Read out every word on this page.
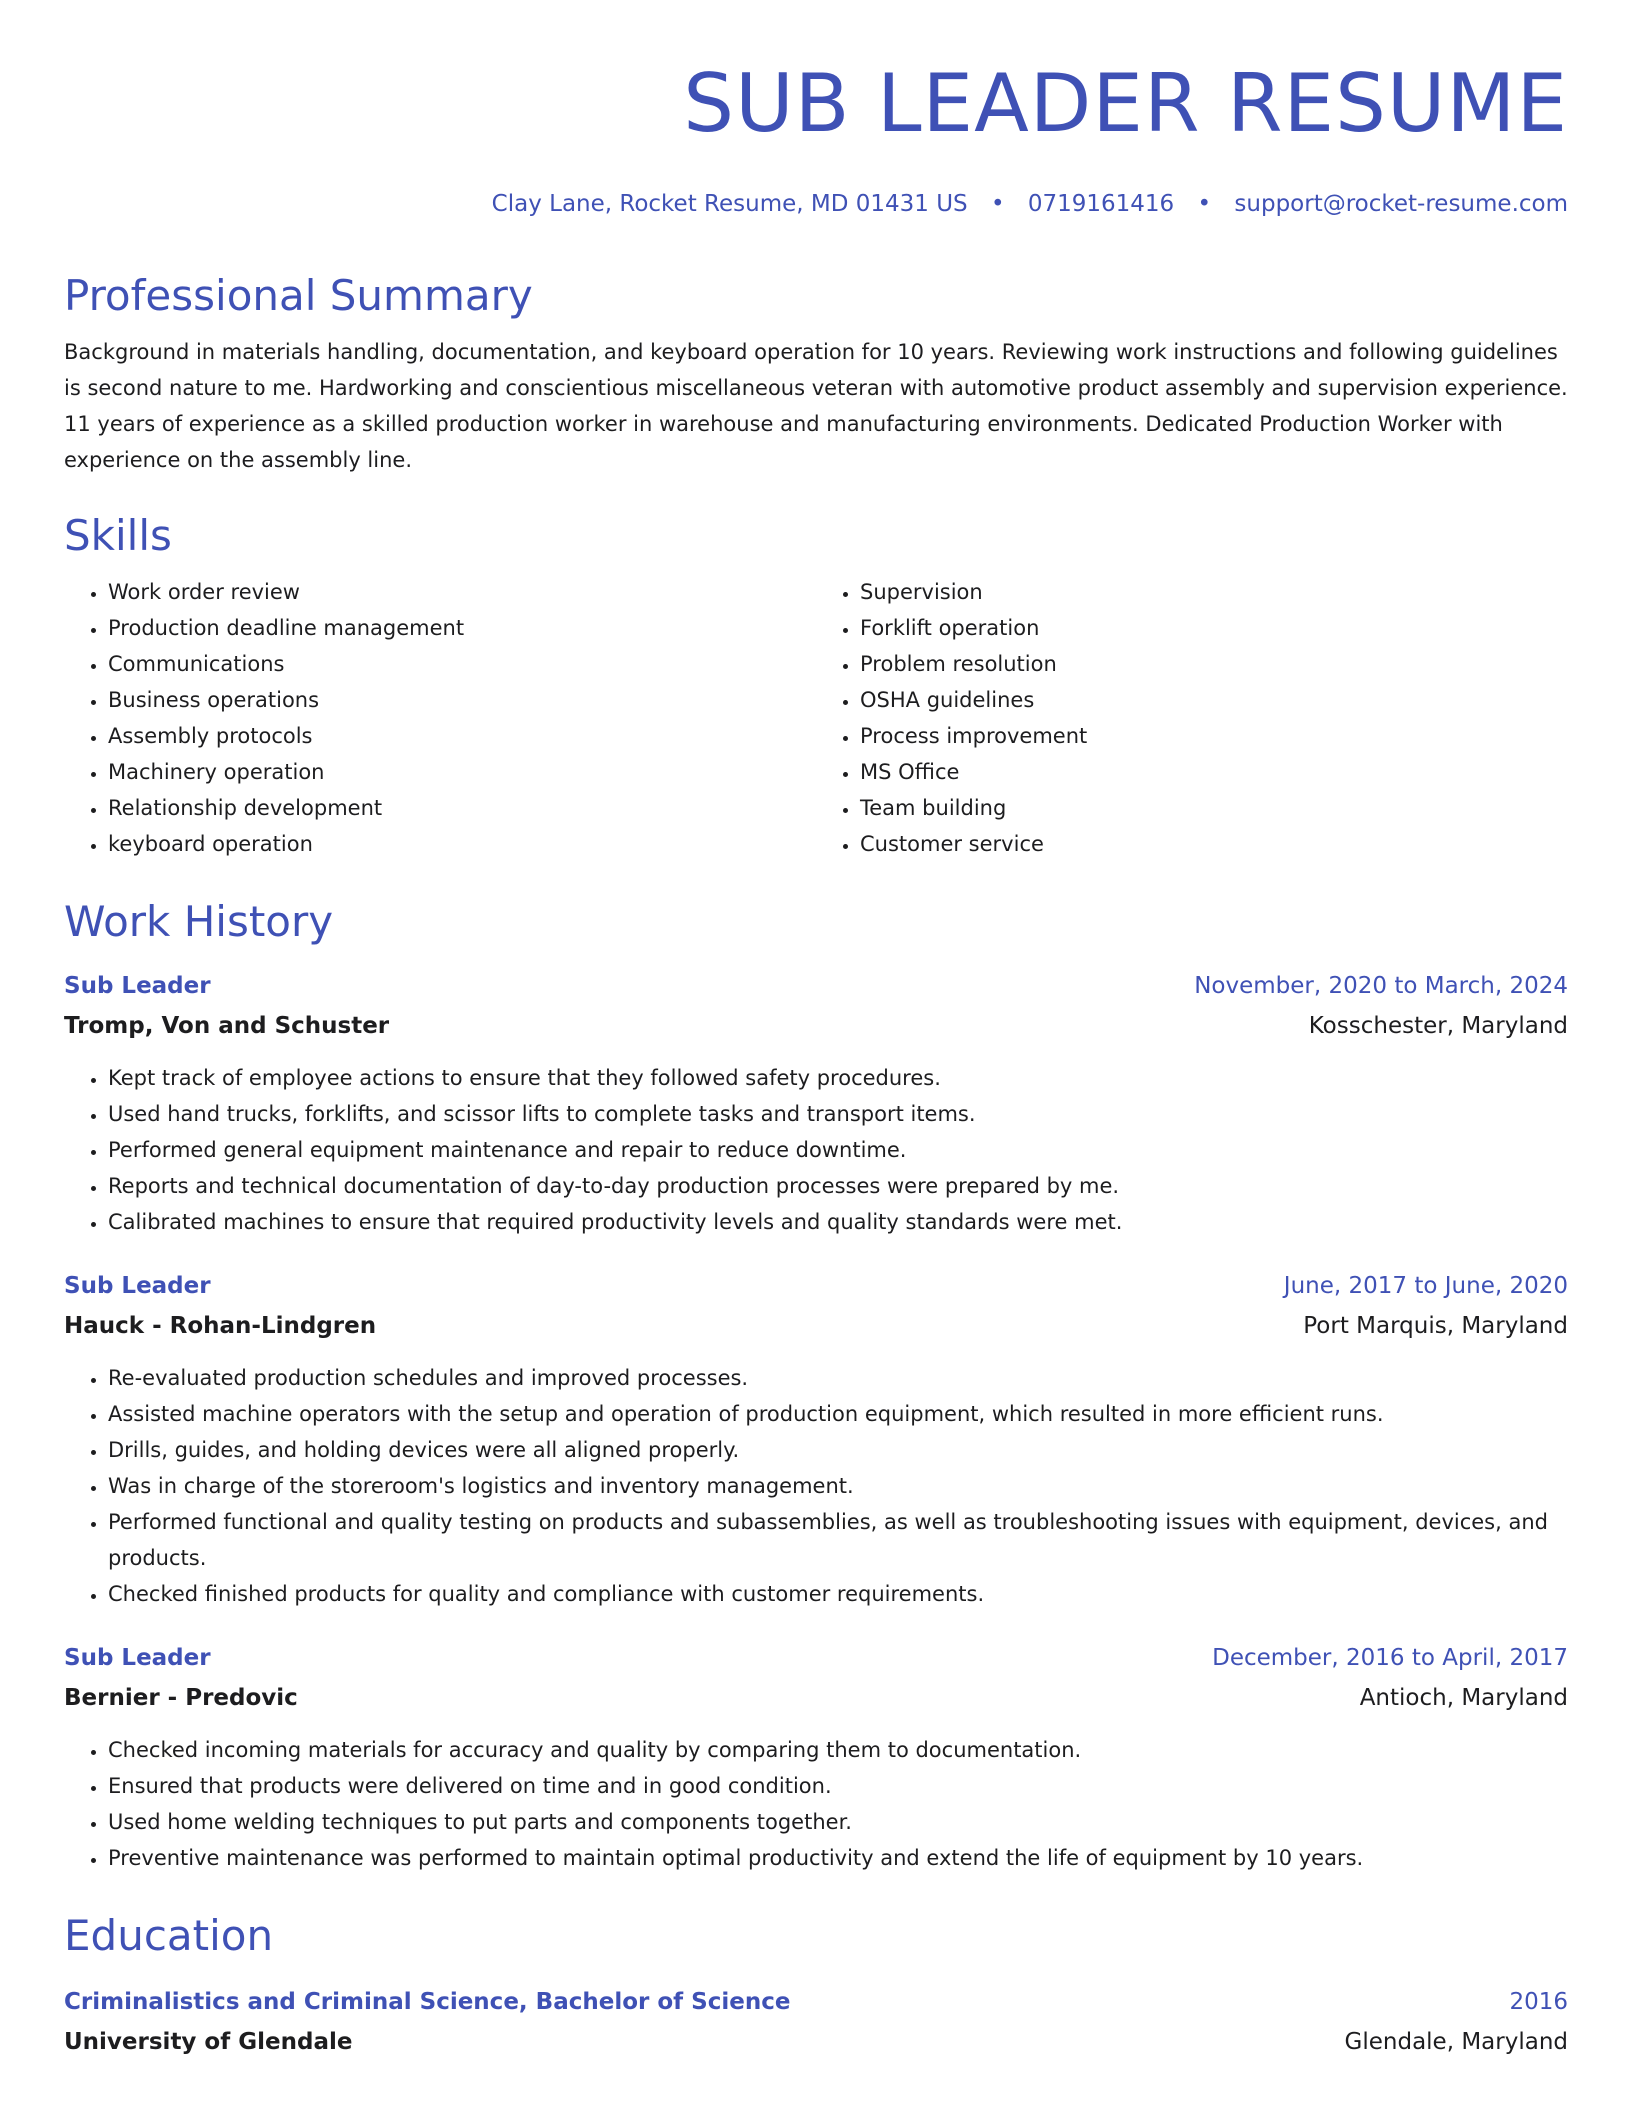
SUB LEADER RESUME
Clay Lane, Rocket Resume, MD 01431 US • 0719161416 • support@rocket-resume.com
Professional Summary

Background in materials handling, documentation, and keyboard operation for 10 years. Reviewing work instructions and following guidelines is second nature to me. Hardworking and conscientious miscellaneous veteran with automotive product assembly and supervision experience. 11 years of experience as a skilled production worker in warehouse and manufacturing environments. Dedicated Production Worker with experience on the assembly line.

Skills
• Work order review
• Production deadline management
• Communications
• Business operations
• Assembly protocols
• Machinery operation
• Relationship development
• keyboard operation
• Supervision
• Forklift operation
• Problem resolution
• OSHA guidelines
• Process improvement
• MS Office
• Team building
• Customer service
Work History
Sub Leader	November, 2020 to March, 2024
Tromp, Von and Schuster	Kosschester, Maryland
• Kept track of employee actions to ensure that they followed safety procedures.
• Used hand trucks, forklifts, and scissor lifts to complete tasks and transport items.
• Performed general equipment maintenance and repair to reduce downtime.
• Reports and technical documentation of day-to-day production processes were prepared by me.
• Calibrated machines to ensure that required productivity levels and quality standards were met.
Sub Leader	June, 2017 to June, 2020
Hauck - Rohan-Lindgren	Port Marquis, Maryland
• Re-evaluated production schedules and improved processes.
• Assisted machine operators with the setup and operation of production equipment, which resulted in more efficient runs.
• Drills, guides, and holding devices were all aligned properly.
• Was in charge of the storeroom's logistics and inventory management.
• Performed functional and quality testing on products and subassemblies, as well as troubleshooting issues with equipment, devices, and products.
• Checked finished products for quality and compliance with customer requirements.
Sub Leader	December, 2016 to April, 2017
Bernier - Predovic	Antioch, Maryland
• Checked incoming materials for accuracy and quality by comparing them to documentation.
• Ensured that products were delivered on time and in good condition.
• Used home welding techniques to put parts and components together.
• Preventive maintenance was performed to maintain optimal productivity and extend the life of equipment by 10 years.
Education
Criminalistics and Criminal Science, Bachelor of Science	2016
University of Glendale	Glendale, Maryland
